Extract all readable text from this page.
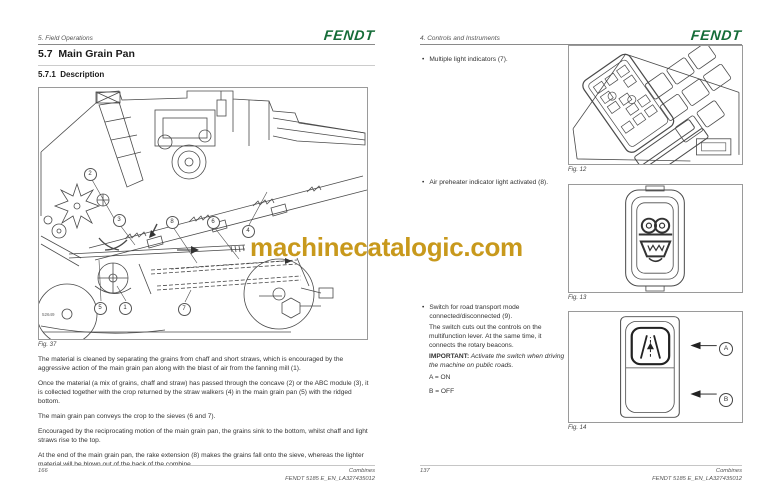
5. Field Operations	FENDT
5.7  Main Grain Pan
5.7.1  Description
52649
2
3	8	6
4
5	1	7
Fig. 37

The material is cleaned by separating the grains from chaff and short straws, which is encouraged by the aggressive action of the main grain pan along with the blast of air from the fanning mill (1).

Once the material (a mix of grains, chaff and straw) has passed through the concave (2) or the ABC module (3), it is collected together with the crop returned by the straw walkers (4) in the main grain pan (5) with the ridged bottom.

The main grain pan conveys the crop to the sieves (6 and 7).

Encouraged by the reciprocating motion of the main grain pan, the grains sink to the bottom, whilst chaff and light straws rise to the top.

At the end of the main grain pan, the rake extension (8) makes the grains fall onto the sieve, whereas the lighter material will be blown out of the back of the combine.

166	Combines
FENDT 5185 E_EN_LA327435012
4. Controls and Instruments	FENDT
• Multiple light indicators (7).
Fig. 12
• Air preheater indicator light activated (8).
Fig. 13
• Switch for road transport mode connected/disconnected (9).
The switch cuts out the controls on the multifunction lever. At the same time, it connects the rotary beacons.
IMPORTANT: Activate the switch when driving the machine on public roads.
A = ON
B = OFF
A
B
Fig. 14
137	Combines
FENDT 5185 E_EN_LA327435012
machinecatalogic.com
